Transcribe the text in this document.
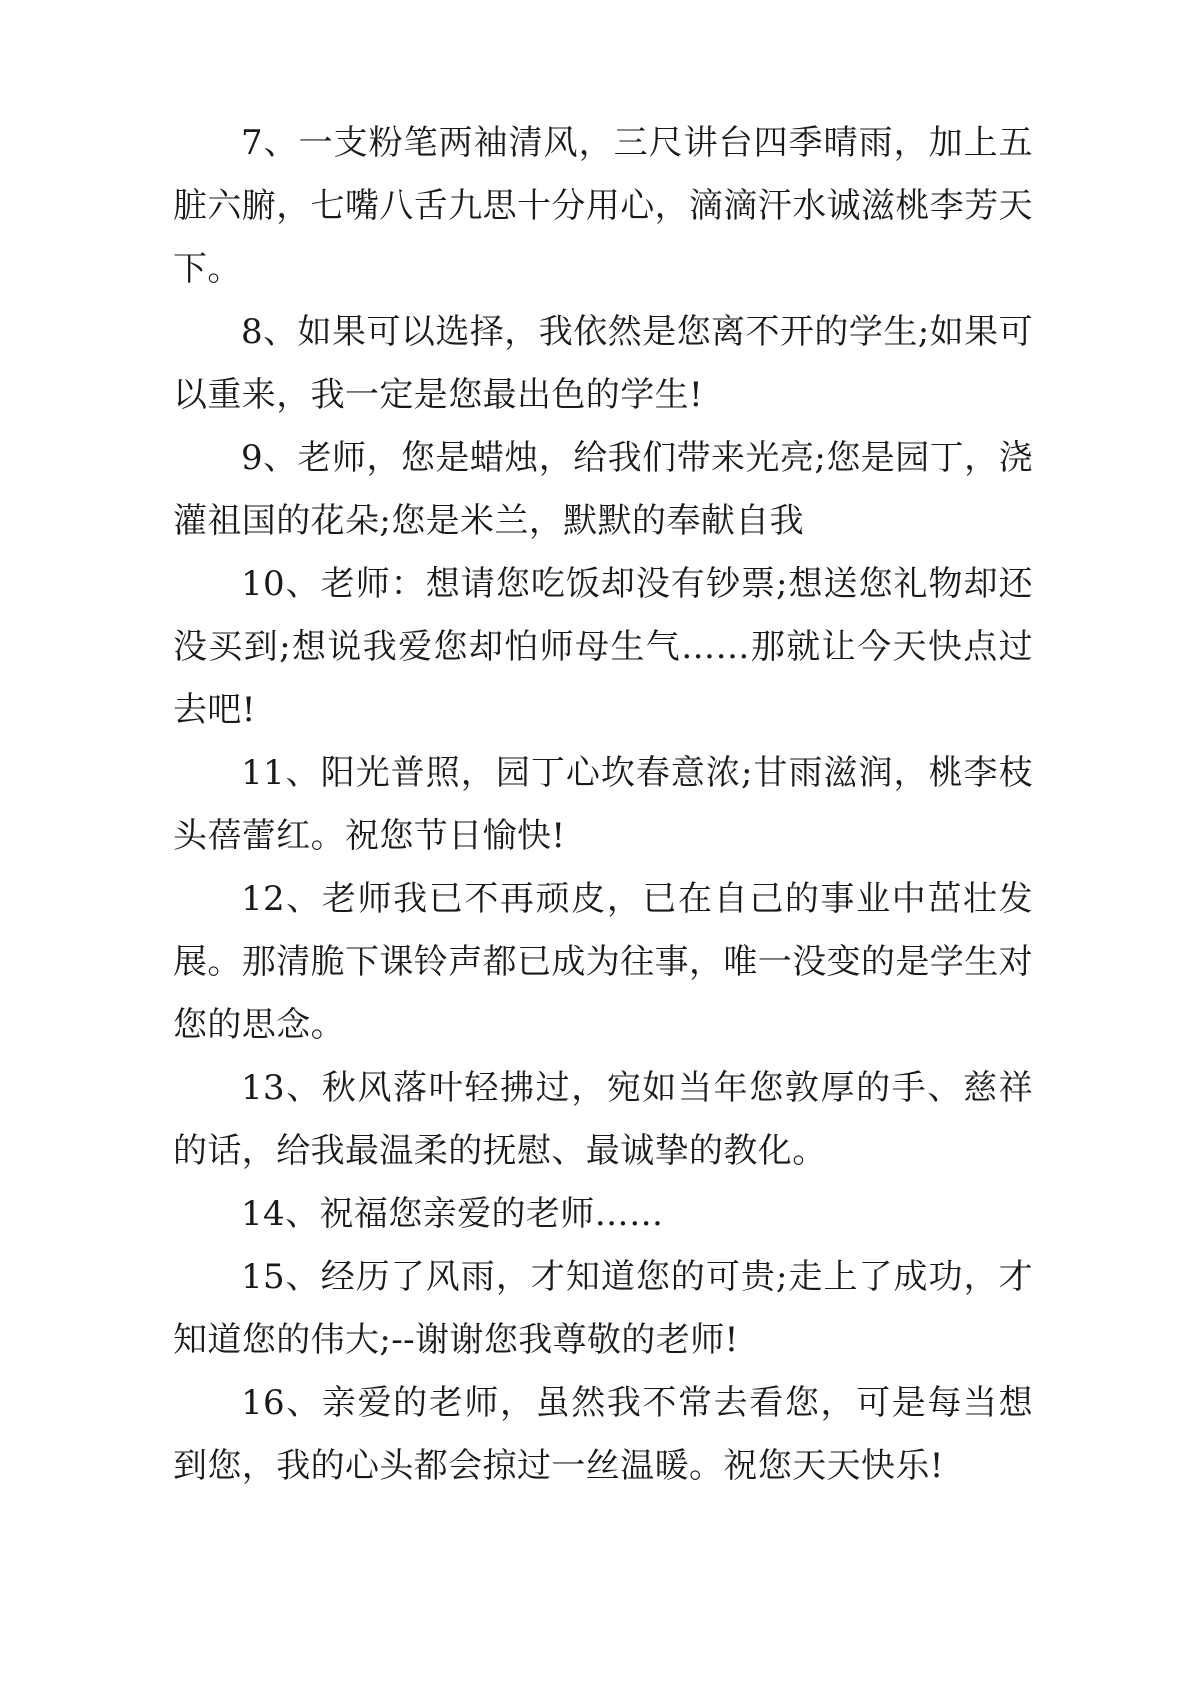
7、一支粉笔两袖清风，三尺讲台四季晴雨，加上五脏六腑，七嘴八舌九思十分用心，滴滴汗水诚滋桃李芳天下。

8、如果可以选择，我依然是您离不开的学生;如果可以重来，我一定是您最出色的学生!

9、老师，您是蜡烛，给我们带来光亮;您是园丁，浇灌祖国的花朵;您是米兰，默默的奉献自我

10、老师：想请您吃饭却没有钞票;想送您礼物却还没买到;想说我爱您却怕师母生气……那就让今天快点过去吧!

11、阳光普照，园丁心坎春意浓;甘雨滋润，桃李枝头蓓蕾红。祝您节日愉快!

12、老师我已不再顽皮，已在自己的事业中茁壮发展。那清脆下课铃声都已成为往事，唯一没变的是学生对您的思念。

13、秋风落叶轻拂过，宛如当年您敦厚的手、慈祥的话，给我最温柔的抚慰、最诚挚的教化。

14、祝福您亲爱的老师……

15、经历了风雨，才知道您的可贵;走上了成功，才知道您的伟大;--谢谢您我尊敬的老师!

16、亲爱的老师，虽然我不常去看您，可是每当想到您，我的心头都会掠过一丝温暖。祝您天天快乐!
